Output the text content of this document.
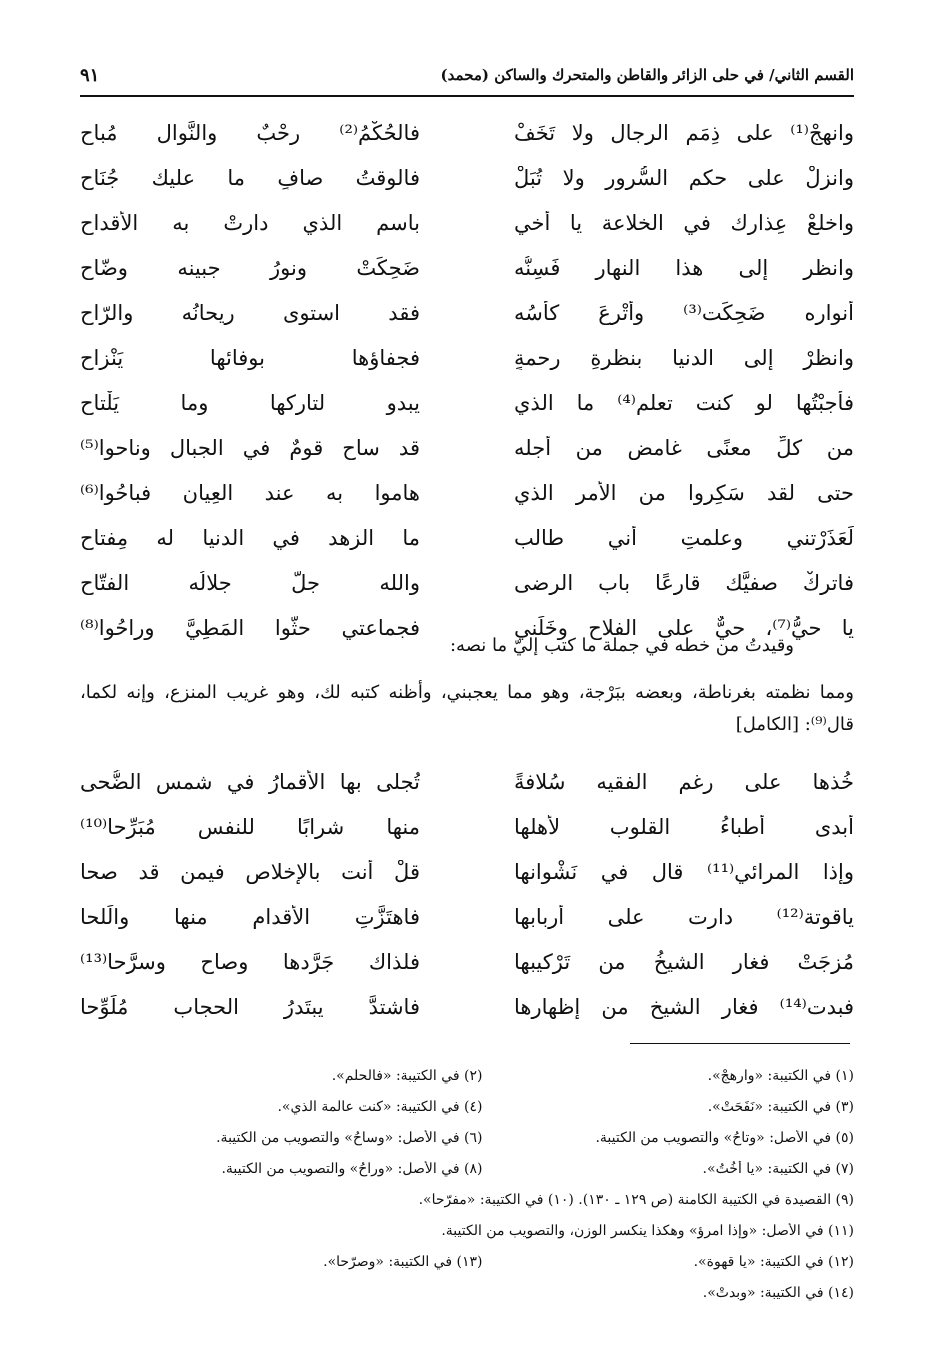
القسم الثاني/ في حلى الزائر والقاطن والمتحرك والساكن (محمد)
٩١
وانهجْ⁽¹⁾ على ذِمَمِ الرجال ولا تَخَفْ
فالحُكْمُ⁽²⁾ رحْبٌ والنَّوال مُباح
وانزلْ على حكم السُّرور ولا تُبَلْ
فالوقتُ صافٍ ما عليك جُنَاح
واخلعْ عِذارك في الخلاعة يا أخي
باسم الذي دارتْ به الأقداح
وانظر إلى هذا النهار فَسِنُّه
ضَحِكَتْ ونورُ جبينه وضّاح
أنواره ضَحِكَت⁽³⁾ وأُتْرِعَ كأسُه
فقد استوى ريحانُه والرّاح
وانظرْ إلى الدنيا بنظرةِ رحمةٍ
فجفاؤها بوفائها يَنْزاح
فأجبْتُها لو كنت تعلم⁽⁴⁾ ما الذي
يبدو لتاركها وما يَلْتاح
من كلِّ معنًى غامضٍ من أجله
قد ساح قومٌ في الجبال وناحوا⁽⁵⁾
حتى لقد سَكِروا من الأمر الذي
هاموا به عند العِيان فباحُوا⁽⁶⁾
لَعَذَرْتني وعلمتِ أني طالب
ما الزهد في الدنيا له مِفتاح
فاتركْ صفيَّك قارعًا باب الرضى
والله جلَّ جلالُه الفتّاح
يا حيُّ⁽⁷⁾، حيٌّ على الفلاح وخَلِّني
فجماعتي حثُّوا المَطِيَّ وراحُوا⁽⁸⁾
وقيدتُ من خطه في جملة ما كتب إليّ ما نصه:
ومما نظمته بغرناطة، وبعضه ببَرْجة، وهو مما يعجبني، وأظنه كتبه لك، وهو غريب المنزع، وإنه لكما، قال⁽⁹⁾: [الكامل]
خُذها على رغم الفقيه سُلافةً
تُجلى بها الأقمارُ في شمس الضُّحى
أبدى أطباءُ القلوب لأهلها
منها شرابًا للنفس مُبَرِّحا⁽¹⁰⁾
وإذا المرائي⁽¹¹⁾ قال في نَشْوانها
قلْ أنت بالإخلاص فيمن قد صحا
ياقوتة⁽¹²⁾ دارت على أربابها
فاهتَزَّتِ الأقدام منها والِّلحا
مُزِجَتْ فغار الشيخُ من تَرْكيبها
فلذاك جَرَّدها وصاح وسرَّحا⁽¹³⁾
فبدت⁽¹⁴⁾ فغار الشيخ من إظهارها
فاشتدَّ يبتَدرُ الحجاب مُلَوِّحا
(١) في الكتيبة: «وارهجْ».
(٢) في الكتيبة: «فالحلم».
(٣) في الكتيبة: «نَفَحَتْ».
(٤) في الكتيبة: «كنت عالمة الذي».
(٥) في الأصل: «وتاحُ» والتصويب من الكتيبة.
(٦) في الأصل: «وساحُ» والتصويب من الكتيبة.
(٧) في الكتيبة: «يا أخُتُ».
(٨) في الأصل: «وراحُ» والتصويب من الكتيبة.
(٩) القصيدة في الكتيبة الكامنة (ص ١٢٩ ـ ١٣٠). (١٠) في الكتيبة: «مفرّحا».
(١١) في الأصل: «وإذا امرؤ» وهكذا ينكسر الوزن، والتصويب من الكتيبة.
(١٢) في الكتيبة: «يا قهوة».
(١٣) في الكتيبة: «وصرّحا».
(١٤) في الكتيبة: «وبدتْ».
